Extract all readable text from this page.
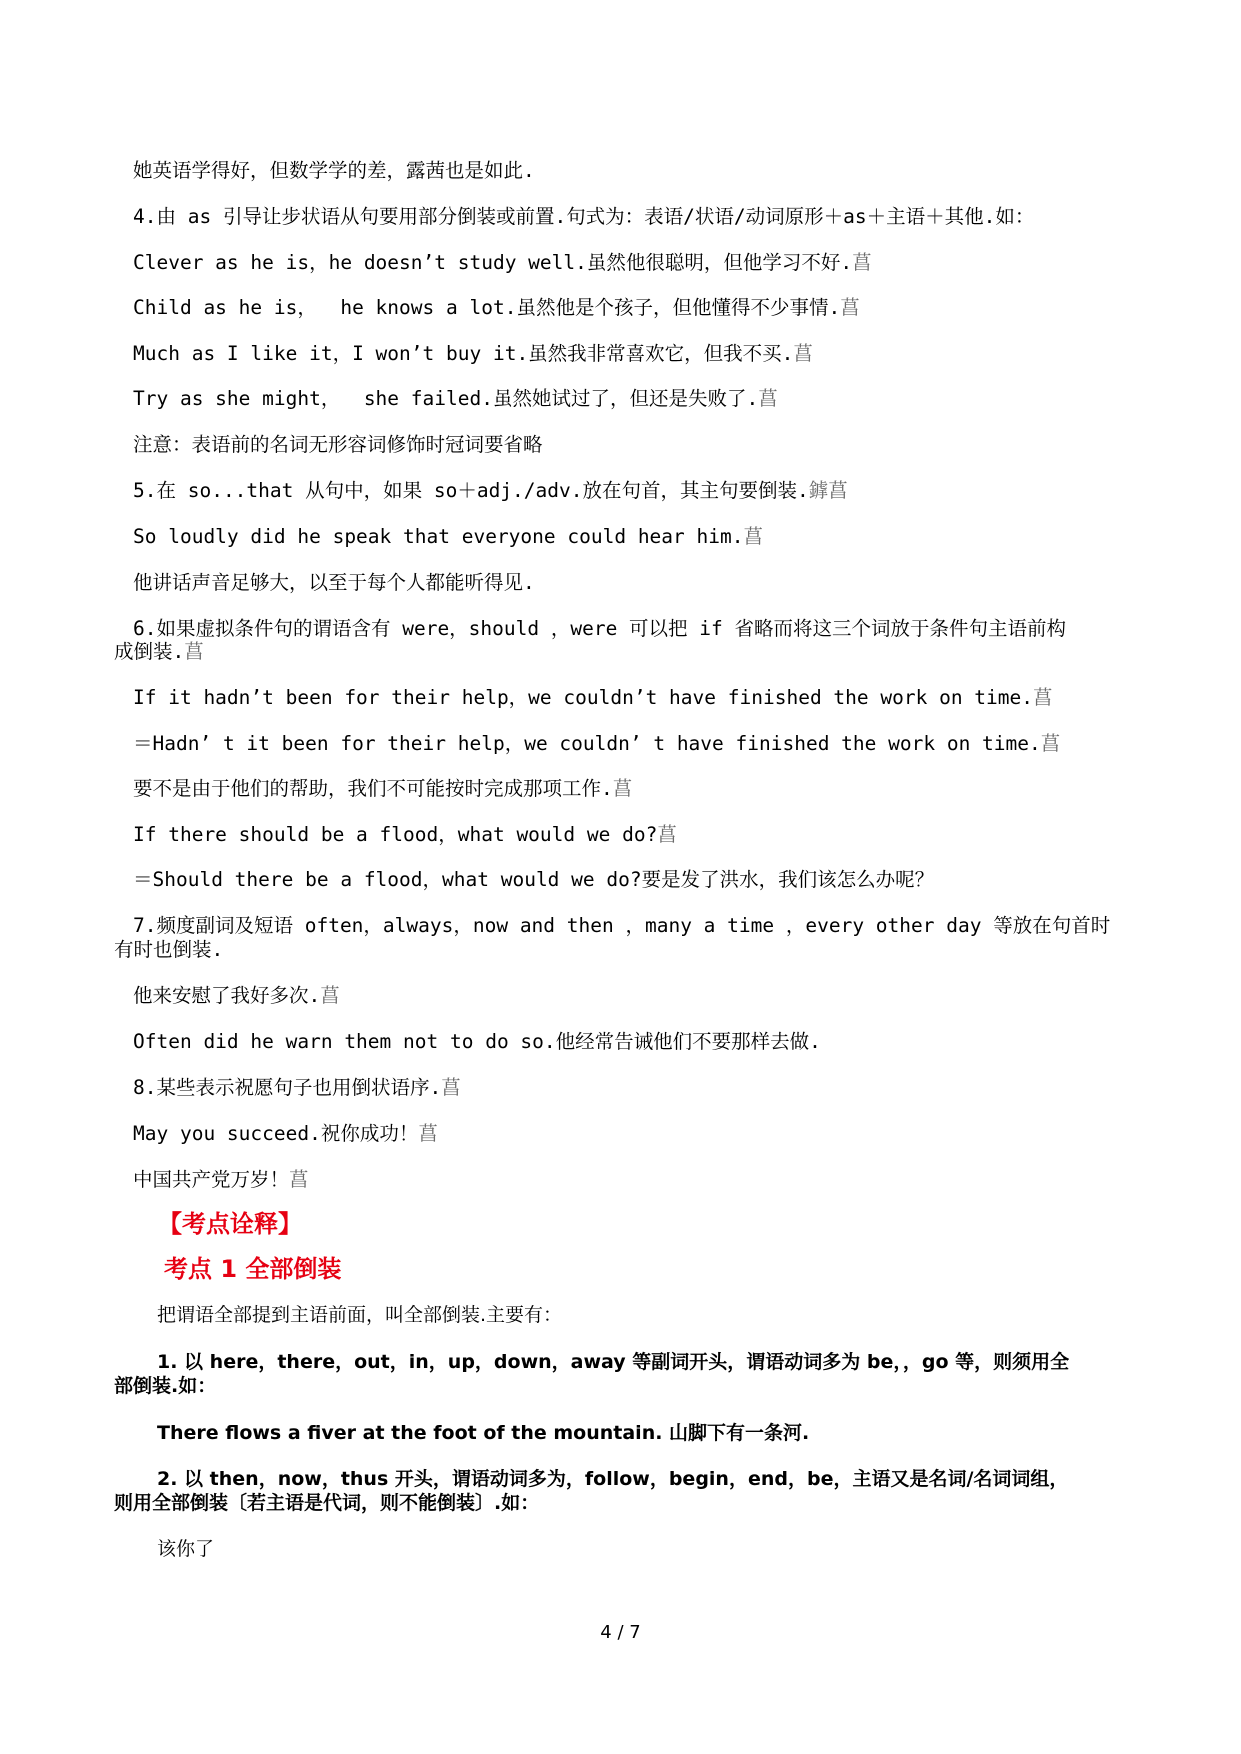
她英语学得好，但数学学的差，露茜也是如此.
4.由 as 引导让步状语从句要用部分倒装或前置.句式为：表语/状语/动词原形＋as＋主语＋其他.如：
Clever as he is，he doesn’t study well.虽然他很聪明，但他学习不好.菖
Child as he is，  he knows a lot.虽然他是个孩子，但他懂得不少事情.菖
Much as I like it，I won’t buy it.虽然我非常喜欢它，但我不买.菖
Try as she might，  she failed.虽然她试过了，但还是失败了.菖
注意：表语前的名词无形容词修饰时冠词要省略
5.在 so...that 从句中，如果 so＋adj./adv.放在句首，其主句要倒装.鎼菖
So loudly did he speak that everyone could hear him.菖
他讲话声音足够大，以至于每个人都能听得见.
6.如果虚拟条件句的谓语含有 were，should ，were 可以把 if 省略而将这三个词放于条件句主语前构
成倒装.菖
If it hadn’t been for their help，we couldn’t have finished the work on time.菖
＝Hadn’ t it been for their help，we couldn’ t have finished the work on time.菖
要不是由于他们的帮助，我们不可能按时完成那项工作.菖
If there should be a flood，what would we do?菖
＝Should there be a flood，what would we do?要是发了洪水，我们该怎么办呢？
7.频度副词及短语 often，always，now and then ，many a time ，every other day 等放在句首时
有时也倒装.
他来安慰了我好多次.菖
Often did he warn them not to do so.他经常告诫他们不要那样去做.
8.某些表示祝愿句子也用倒状语序.菖
May you succeed.祝你成功！菖
中国共产党万岁！菖
【考点诠释】
考点 1 全部倒装
把谓语全部提到主语前面，叫全部倒装.主要有：
1. 以 here，there，out，in，up，down，away 等副词开头，谓语动词多为 be，，go 等，则须用全
部倒装.如：
There flows a fiver at the foot of the mountain. 山脚下有一条河.
2. 以 then，now，thus 开头，谓语动词多为，follow，begin，end，be，主语又是名词/名词词组，
则用全部倒装〔若主语是代词，则不能倒装〕.如：
该你了
4 / 7
